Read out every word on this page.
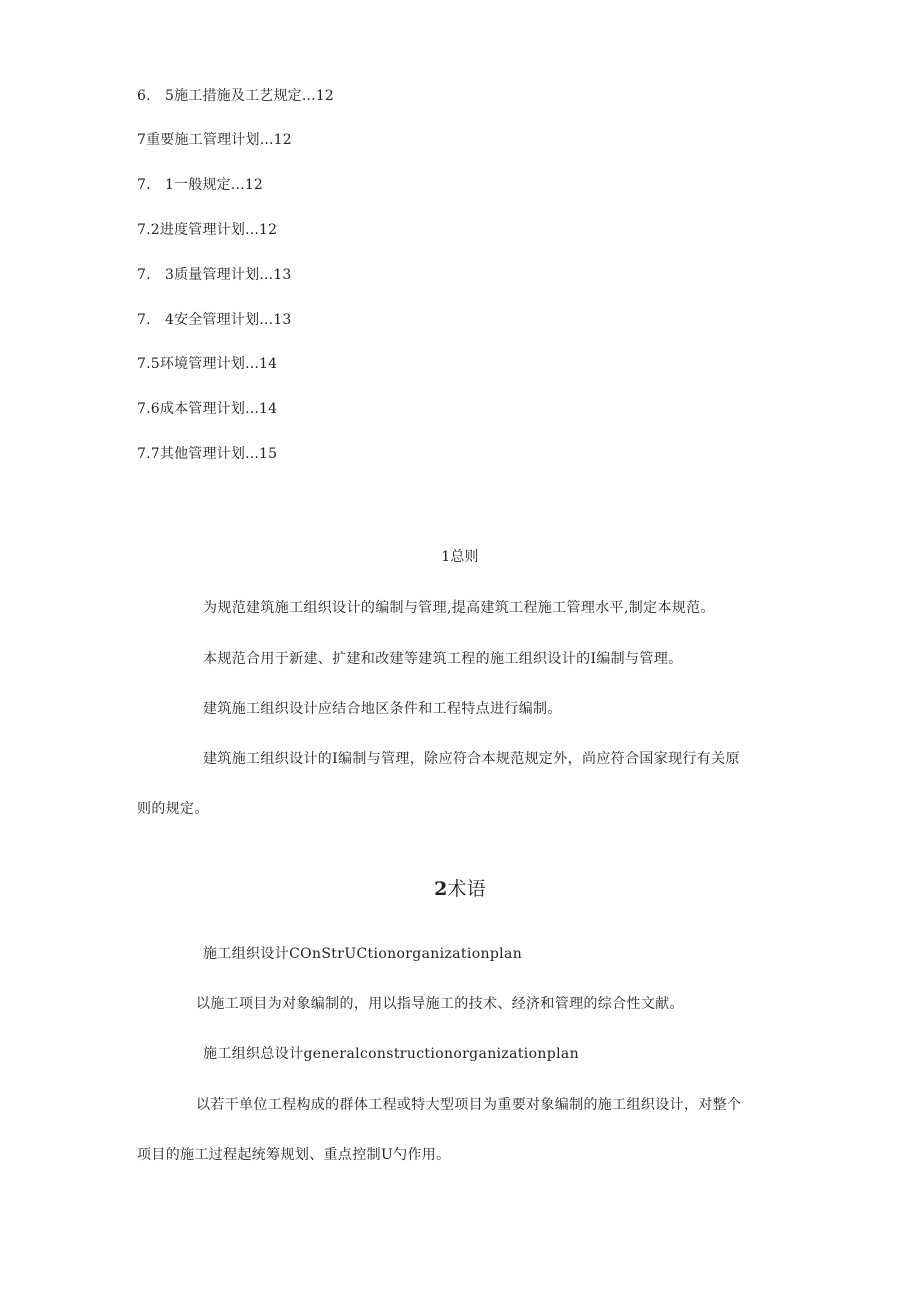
6.　5施工措施及工艺规定...12
7重要施工管理计划...12
7.　1一般规定...12
7.2进度管理计划...12
7.　3质量管理计划...13
7.　4安全管理计划...13
7.5环境管理计划...14
7.6成本管理计划...14
7.7其他管理计划...15
1总则
为规范建筑施工组织设计的编制与管理,提高建筑工程施工管理水平,制定本规范。
本规范合用于新建、扩建和改建等建筑工程的施工组织设计的I编制与管理。
建筑施工组织设计应结合地区条件和工程特点进行编制。
建筑施工组织设计的I编制与管理，除应符合本规范规定外，尚应符合国家现行有关原
则的规定。
2术语
施工组织设计COnStrUCtionorganizationplan
以施工项目为对象编制的，用以指导施工的技术、经济和管理的综合性文献。
施工组织总设计generalconstructionorganizationplan
以若干单位工程构成的群体工程或特大型项目为重要对象编制的施工组织设计，对整个
项目的施工过程起统筹规划、重点控制U勺作用。
